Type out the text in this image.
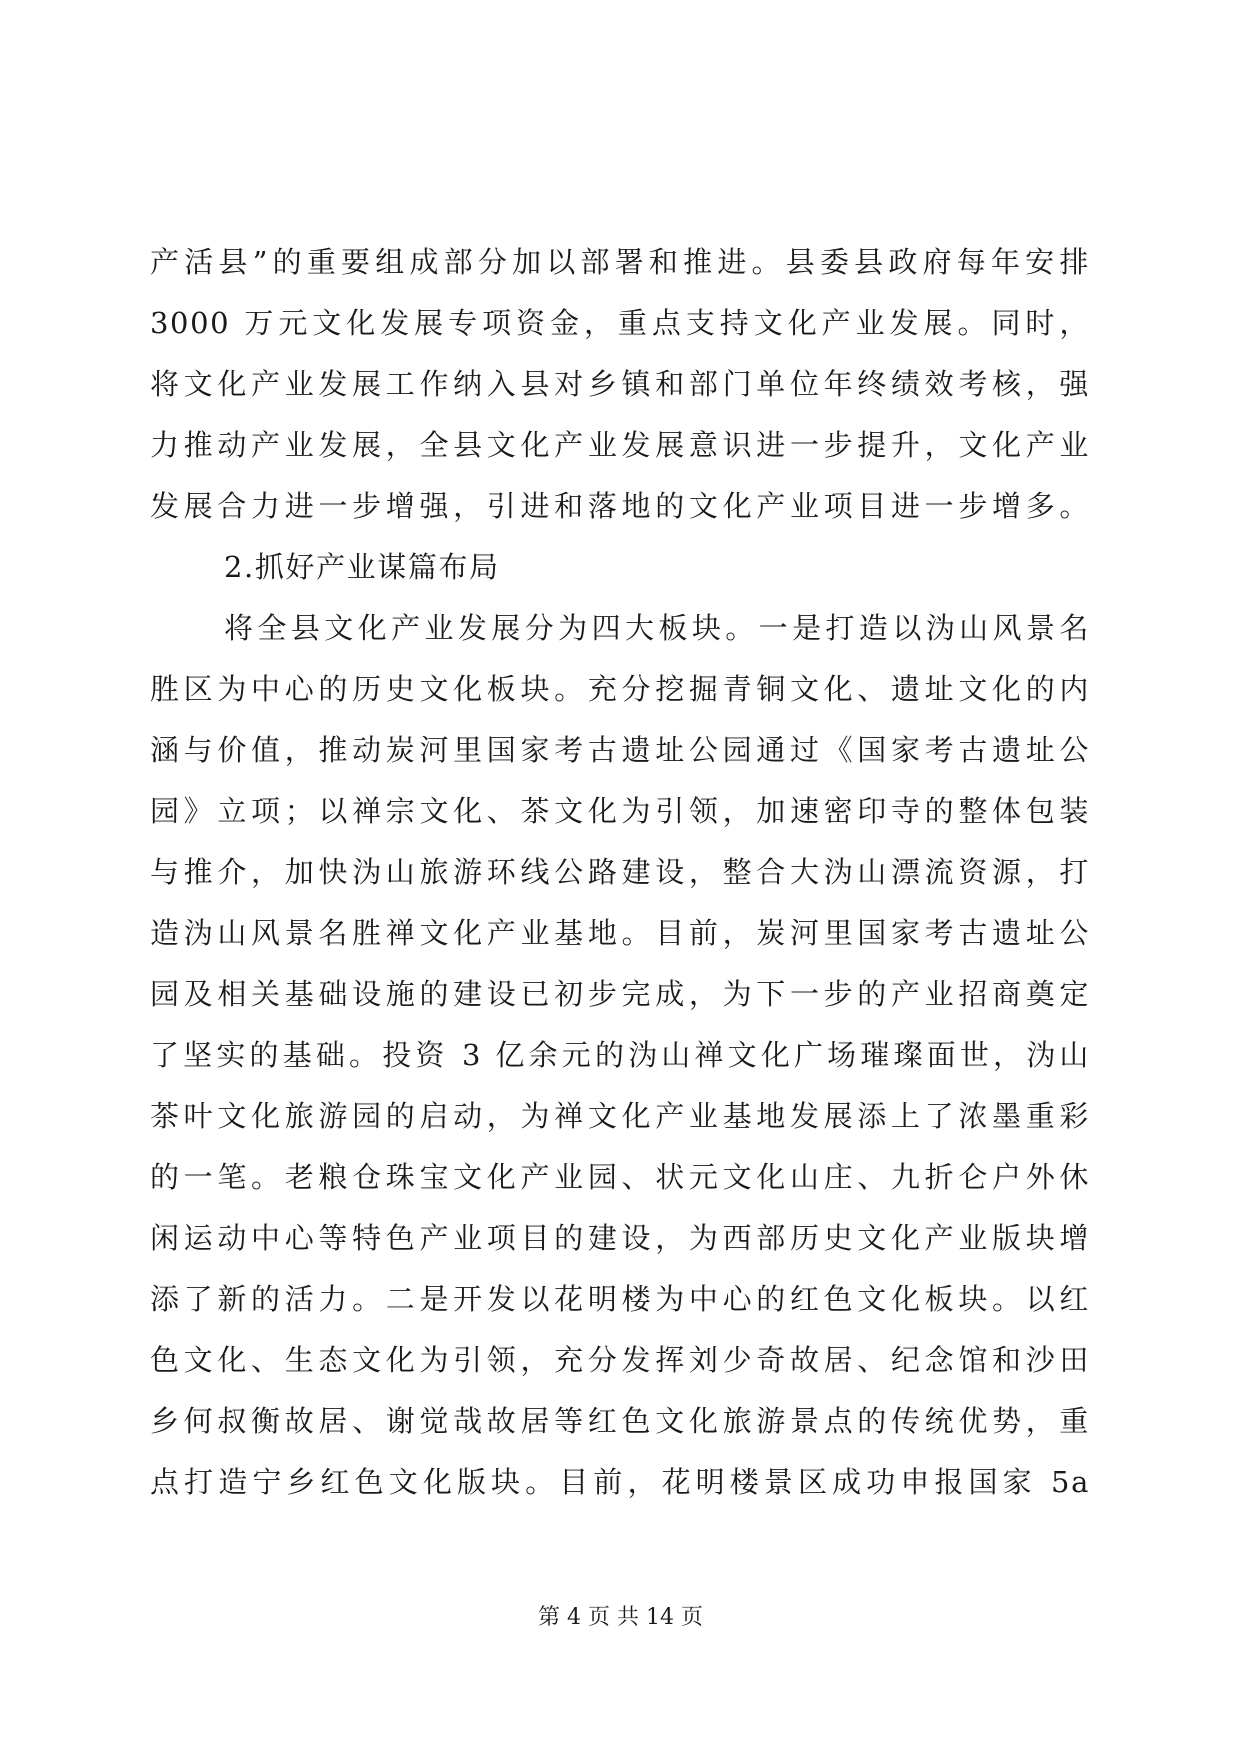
产活县”的重要组成部分加以部署和推进。县委县政府每年安排
3000 万元文化发展专项资金，重点支持文化产业发展。同时，
将文化产业发展工作纳入县对乡镇和部门单位年终绩效考核，强
力推动产业发展，全县文化产业发展意识进一步提升，文化产业
发展合力进一步增强，引进和落地的文化产业项目进一步增多。
2.抓好产业谋篇布局
将全县文化产业发展分为四大板块。一是打造以沩山风景名
胜区为中心的历史文化板块。充分挖掘青铜文化、遗址文化的内
涵与价值，推动炭河里国家考古遗址公园通过《国家考古遗址公
园》立项；以禅宗文化、茶文化为引领，加速密印寺的整体包装
与推介，加快沩山旅游环线公路建设，整合大沩山漂流资源，打
造沩山风景名胜禅文化产业基地。目前，炭河里国家考古遗址公
园及相关基础设施的建设已初步完成，为下一步的产业招商奠定
了坚实的基础。投资 3 亿余元的沩山禅文化广场璀璨面世，沩山
茶叶文化旅游园的启动，为禅文化产业基地发展添上了浓墨重彩
的一笔。老粮仓珠宝文化产业园、状元文化山庄、九折仑户外休
闲运动中心等特色产业项目的建设，为西部历史文化产业版块增
添了新的活力。二是开发以花明楼为中心的红色文化板块。以红
色文化、生态文化为引领，充分发挥刘少奇故居、纪念馆和沙田
乡何叔衡故居、谢觉哉故居等红色文化旅游景点的传统优势，重
点打造宁乡红色文化版块。目前，花明楼景区成功申报国家 5a
第 4 页 共 14 页
